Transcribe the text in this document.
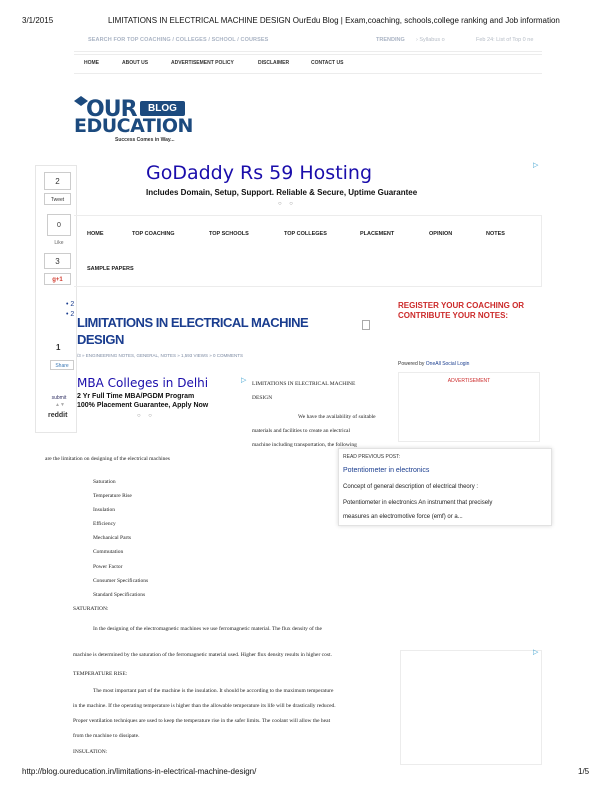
3/1/2015	LIMITATIONS IN ELECTRICAL MACHINE DESIGN OurEdu Blog | Exam,coaching, schools,college ranking and Job information
http://blog.oureducation.in/limitations-in-electrical-machine-design/	1/5
SEARCH FOR TOP COACHING / COLLEGES / SCHOOL / COURSES	TRENDING › Syllabus o	Feb 24: List of Top 0 ne
HOME	ABOUT US	ADVERTISEMENT POLICY	DISCLAIMER	CONTACT US
OUR	BLOG
EDUCATION
Success Comes in Way...
GoDaddy Rs 59 Hosting
Includes Domain, Setup, Support. Reliable & Secure, Uptime Guarantee
○ ○
▷
2
Tweet
0
Like
3
g+1
1
Share
submit
▲▼
reddit
HOME	TOP COACHING	TOP SCHOOLS	TOP COLLEGES	PLACEMENT	OPINION	NOTES
SAMPLE PAPERS
• 2
• 2
LIMITATIONS IN ELECTRICAL MACHINE
DESIGN
/3 » ENGINEERING NOTES, GENERAL, NOTES » 1,593 VIEWS » 0 COMMENTS
REGISTER YOUR COACHING OR CONTRIBUTE YOUR NOTES:
Powered by OneAll Social Login
ADVERTISEMENT
MBA Colleges in Delhi
2 Yr Full Time MBA/PGDM Program
100% Placement Guarantee, Apply Now
○ ○
▷ LIMITATIONS IN ELECTRICAL MACHINE
DESIGN
We have the availability of suitable
materials and facilities to create an electrical
machine including transportation, the following
are the limitation on designing of the electrical machines
Saturation
Temperature Rise
Insulation
Efficiency
Mechanical Parts
Commutation
Power Factor
Consumer Specifications
Standard Specifications
SATURATION:
In the designing of the electromagnetic machines we use ferromagnetic material. The flux density of the
machine is determined by the saturation of the ferromagnetic material used. Higher flux density results in higher cost.
TEMPERATURE RISE:
The most important part of the machine is the insulation. It should be according to the maximum temperature
in the machine. If the operating temperature is higher than the allowable temperature its life will be drastically reduced.
Proper ventilation techniques are used to keep the temperature rise in the safer limits. The coolant will allow the heat
from the machine to dissipate.
INSULATION:
READ PREVIOUS POST:
Potentiometer in electronics
Concept of general description of electrical theory :
Potentiometer in electronics An instrument that precisely
measures an electromotive force (emf) or a...
▷
